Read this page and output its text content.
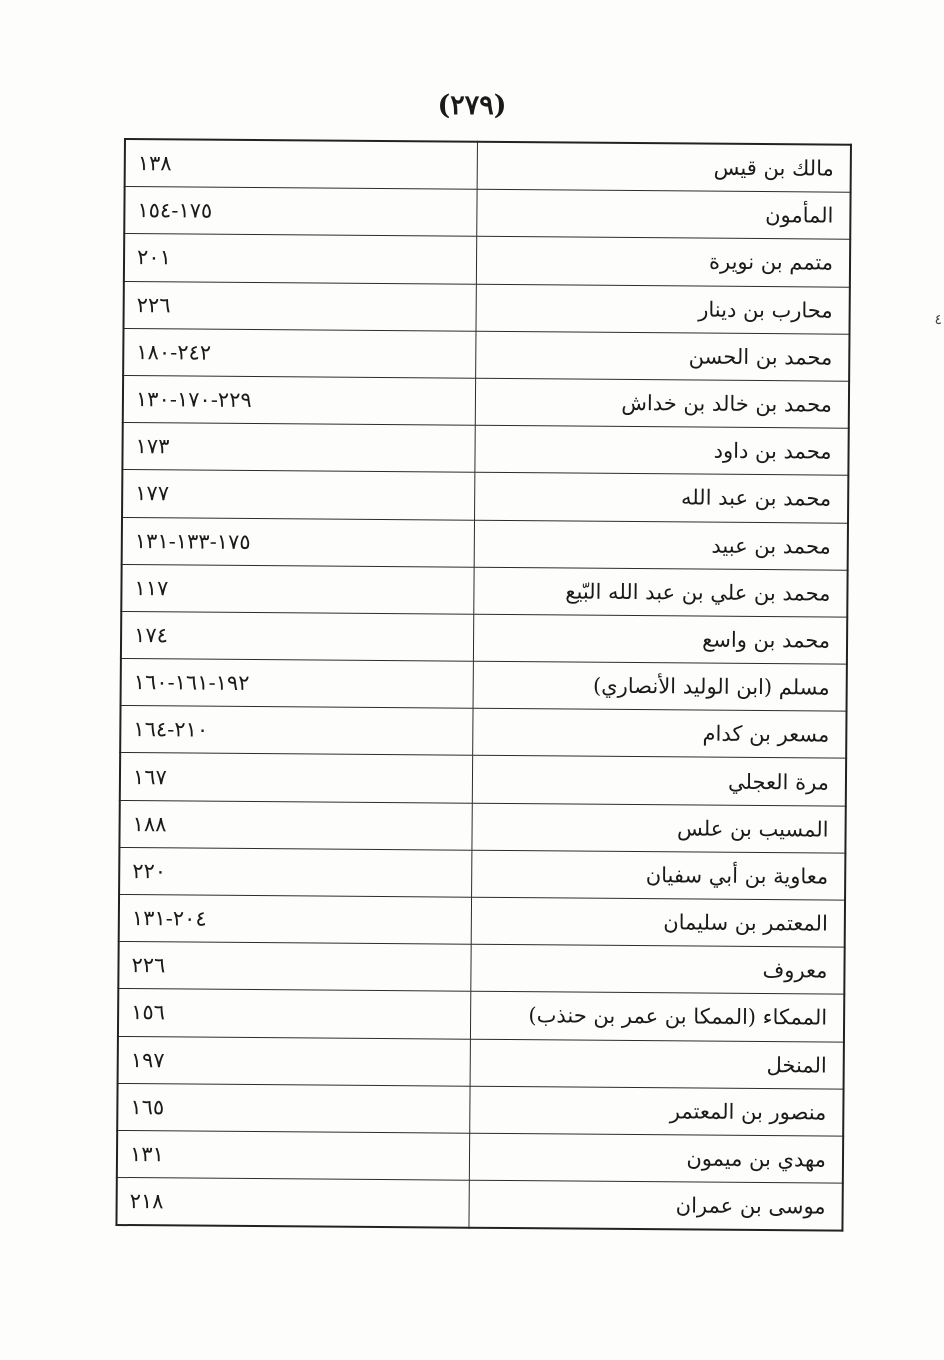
(٢٧٩)
مالك بن قيس	١٣٨
المأمون	١٧٥-١٥٤
متمم بن نويرة	٢٠١
محارب بن دينار	٢٢٦
محمد بن الحسن	٢٤٢-١٨٠
محمد بن خالد بن خداش	٢٢٩-١٧٠-١٣٠
محمد بن داود	١٧٣
محمد بن عبد الله	١٧٧
محمد بن عبيد	١٧٥-١٣٣-١٣١
محمد بن علي بن عبد الله البّيع	١١٧
محمد بن واسع	١٧٤
مسلم (ابن الوليد الأنصاري)	١٩٢-١٦١-١٦٠
مسعر بن كدام	٢١٠-١٦٤
مرة العجلي	١٦٧
المسيب بن علس	١٨٨
معاوية بن أبي سفيان	٢٢٠
المعتمر بن سليمان	٢٠٤-١٣١
معروف	٢٢٦
الممكاء (الممكا بن عمر بن حنذب)	١٥٦
المنخل	١٩٧
منصور بن المعتمر	١٦٥
مهدي بن ميمون	١٣١
موسى بن عمران	٢١٨
٤
